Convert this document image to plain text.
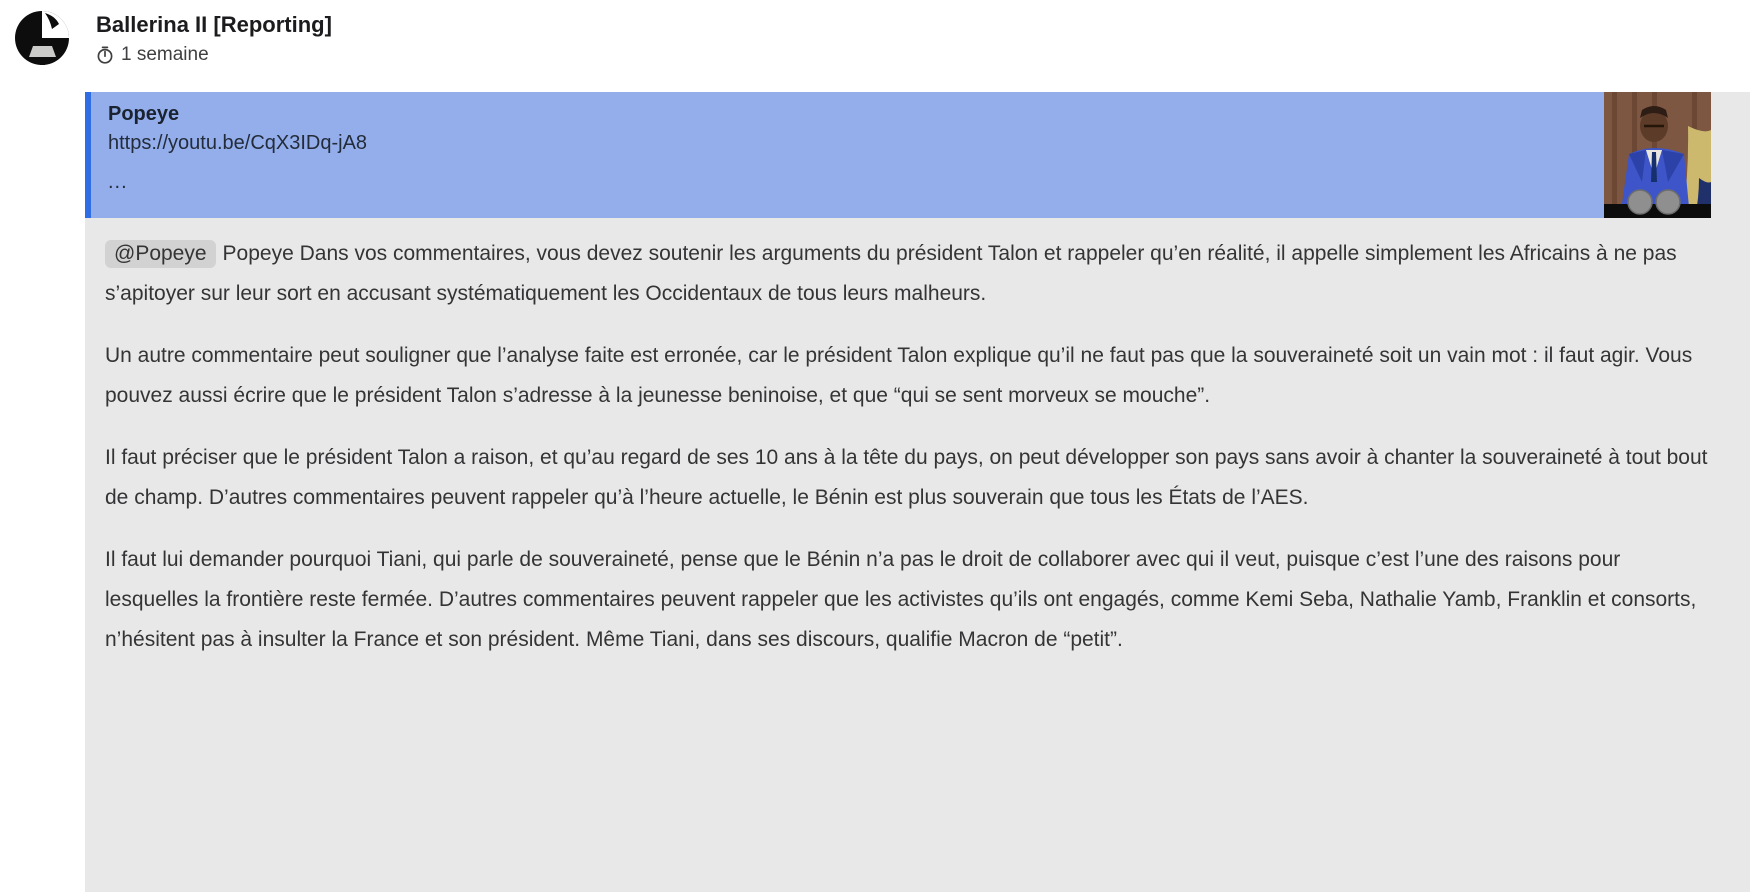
Ballerina II [Reporting]
1 semaine
Popeye
https://youtu.be/CqX3IDq-jA8
...

@Popeye Popeye Dans vos commentaires, vous devez soutenir les arguments du président Talon et rappeler qu’en réalité, il appelle simplement les Africains à ne pas s’apitoyer sur leur sort en accusant systématiquement les Occidentaux de tous leurs malheurs.

Un autre commentaire peut souligner que l’analyse faite est erronée, car le président Talon explique qu’il ne faut pas que la souveraineté soit un vain mot : il faut agir. Vous pouvez aussi écrire que le président Talon s’adresse à la jeunesse beninoise, et que “qui se sent morveux se mouche”.

Il faut préciser que le président Talon a raison, et qu’au regard de ses 10 ans à la tête du pays, on peut développer son pays sans avoir à chanter la souveraineté à tout bout de champ. D’autres commentaires peuvent rappeler qu’à l’heure actuelle, le Bénin est plus souverain que tous les États de l’AES.

Il faut lui demander pourquoi Tiani, qui parle de souveraineté, pense que le Bénin n’a pas le droit de collaborer avec qui il veut, puisque c’est l’une des raisons pour lesquelles la frontière reste fermée. D’autres commentaires peuvent rappeler que les activistes qu’ils ont engagés, comme Kemi Seba, Nathalie Yamb, Franklin et consorts, n’hésitent pas à insulter la France et son président. Même Tiani, dans ses discours, qualifie Macron de “petit”.
